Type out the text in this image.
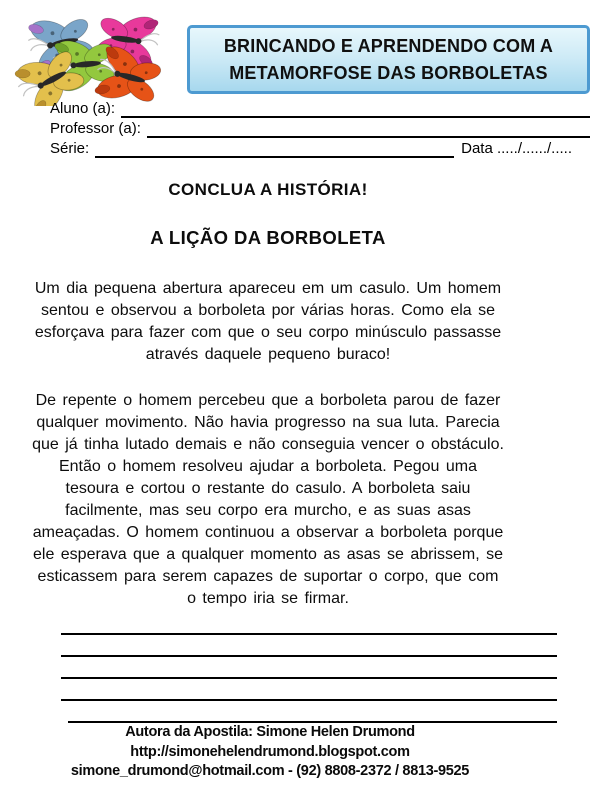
BRINCANDO E APRENDENDO COM A METAMORFOSE DAS BORBOLETAS
Aluno (a):
Professor (a):
Série:	Data ...../....../.....
CONCLUA A HISTÓRIA!
A LIÇÃO DA BORBOLETA

Um dia pequena abertura apareceu em um casulo. Um homem sentou e observou a borboleta por várias horas. Como ela se esforçava para fazer com que o seu corpo minúsculo passasse através daquele pequeno buraco!

De repente o homem percebeu que a borboleta parou de fazer qualquer movimento. Não havia progresso na sua luta. Parecia que já tinha lutado demais e não conseguia vencer o obstáculo. Então o homem resolveu ajudar a borboleta. Pegou uma tesoura e cortou o restante do casulo. A borboleta saiu facilmente, mas seu corpo era murcho, e as suas asas ameaçadas. O homem continuou a observar a borboleta porque ele esperava que a qualquer momento as asas se abrissem, se esticassem para serem capazes de suportar o corpo, que com o tempo iria se firmar.

Autora da Apostila: Simone Helen Drumond
http://simonehelendrumond.blogspot.com
simone_drumond@hotmail.com - (92) 8808-2372 / 8813-9525
